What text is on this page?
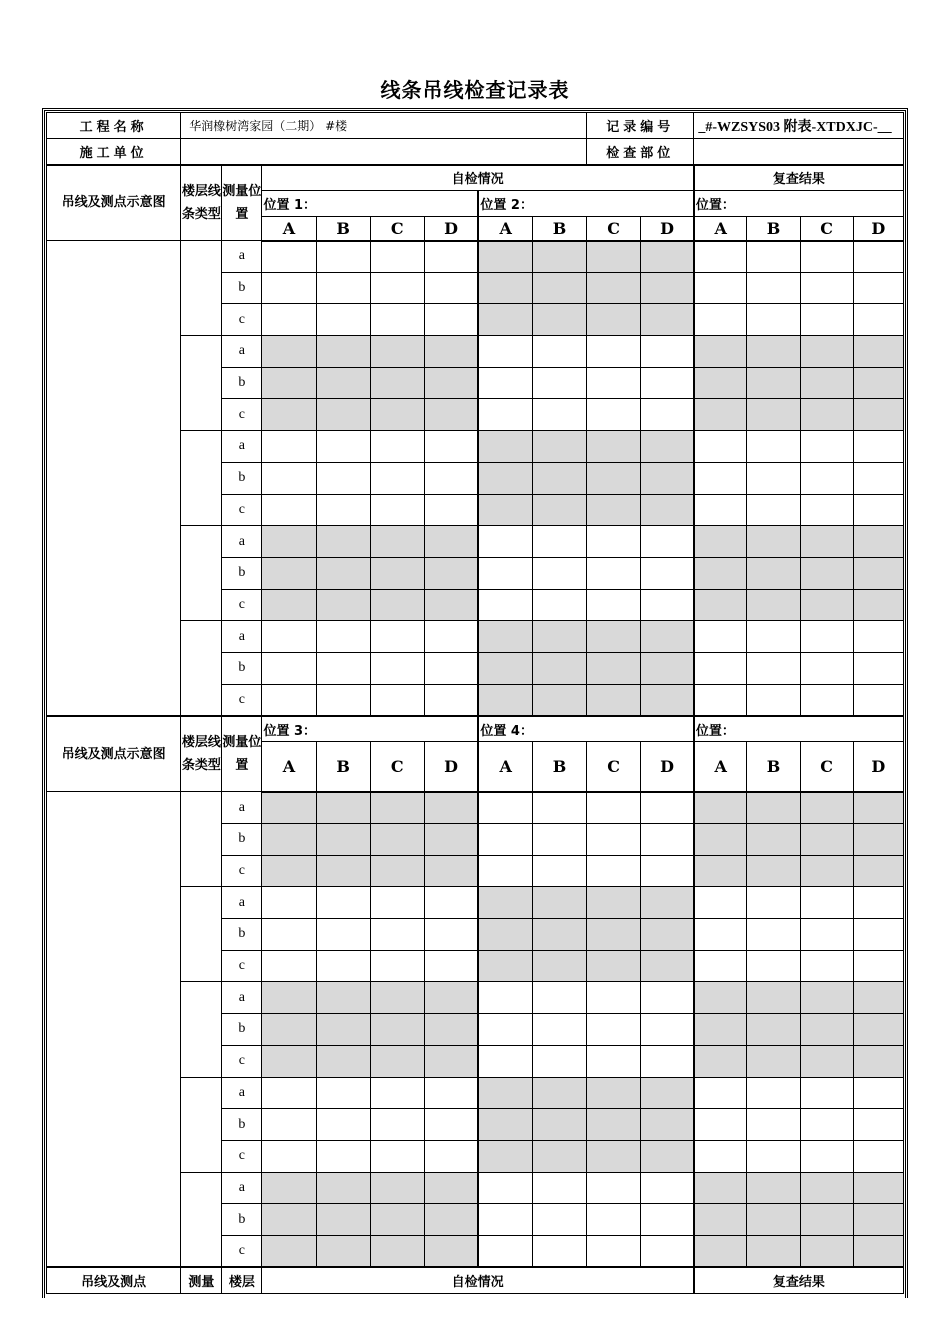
线条吊线检查记录表
工程名称	华润橡树湾家园（二期） #楼								记录编号		_#-WZSYS03 附表-XTDXJC-__			
施工单位									检查部位					
吊线及测点示意图	楼层线条类型	测量位置	自检情况								复查结果			
			位置 1：				位置 2：				位置：			
			A	B	C	D	A	B	C	D	A	B	C	D
		a												
		b												
		c												
		a												
		b												
		c												
		a												
		b												
		c												
		a												
		b												
		c												
		a												
		b												
		c												
吊线及测点示意图	楼层线条类型	测量位置	位置 3：				位置 4：				位置：			
			A	B	C	D	A	B	C	D	A	B	C	D
		a												
		b												
		c												
		a												
		b												
		c												
		a												
		b												
		c												
		a												
		b												
		c												
		a												
		b												
		c												
吊线及测点	测量	楼层	自检情况								复查结果			
